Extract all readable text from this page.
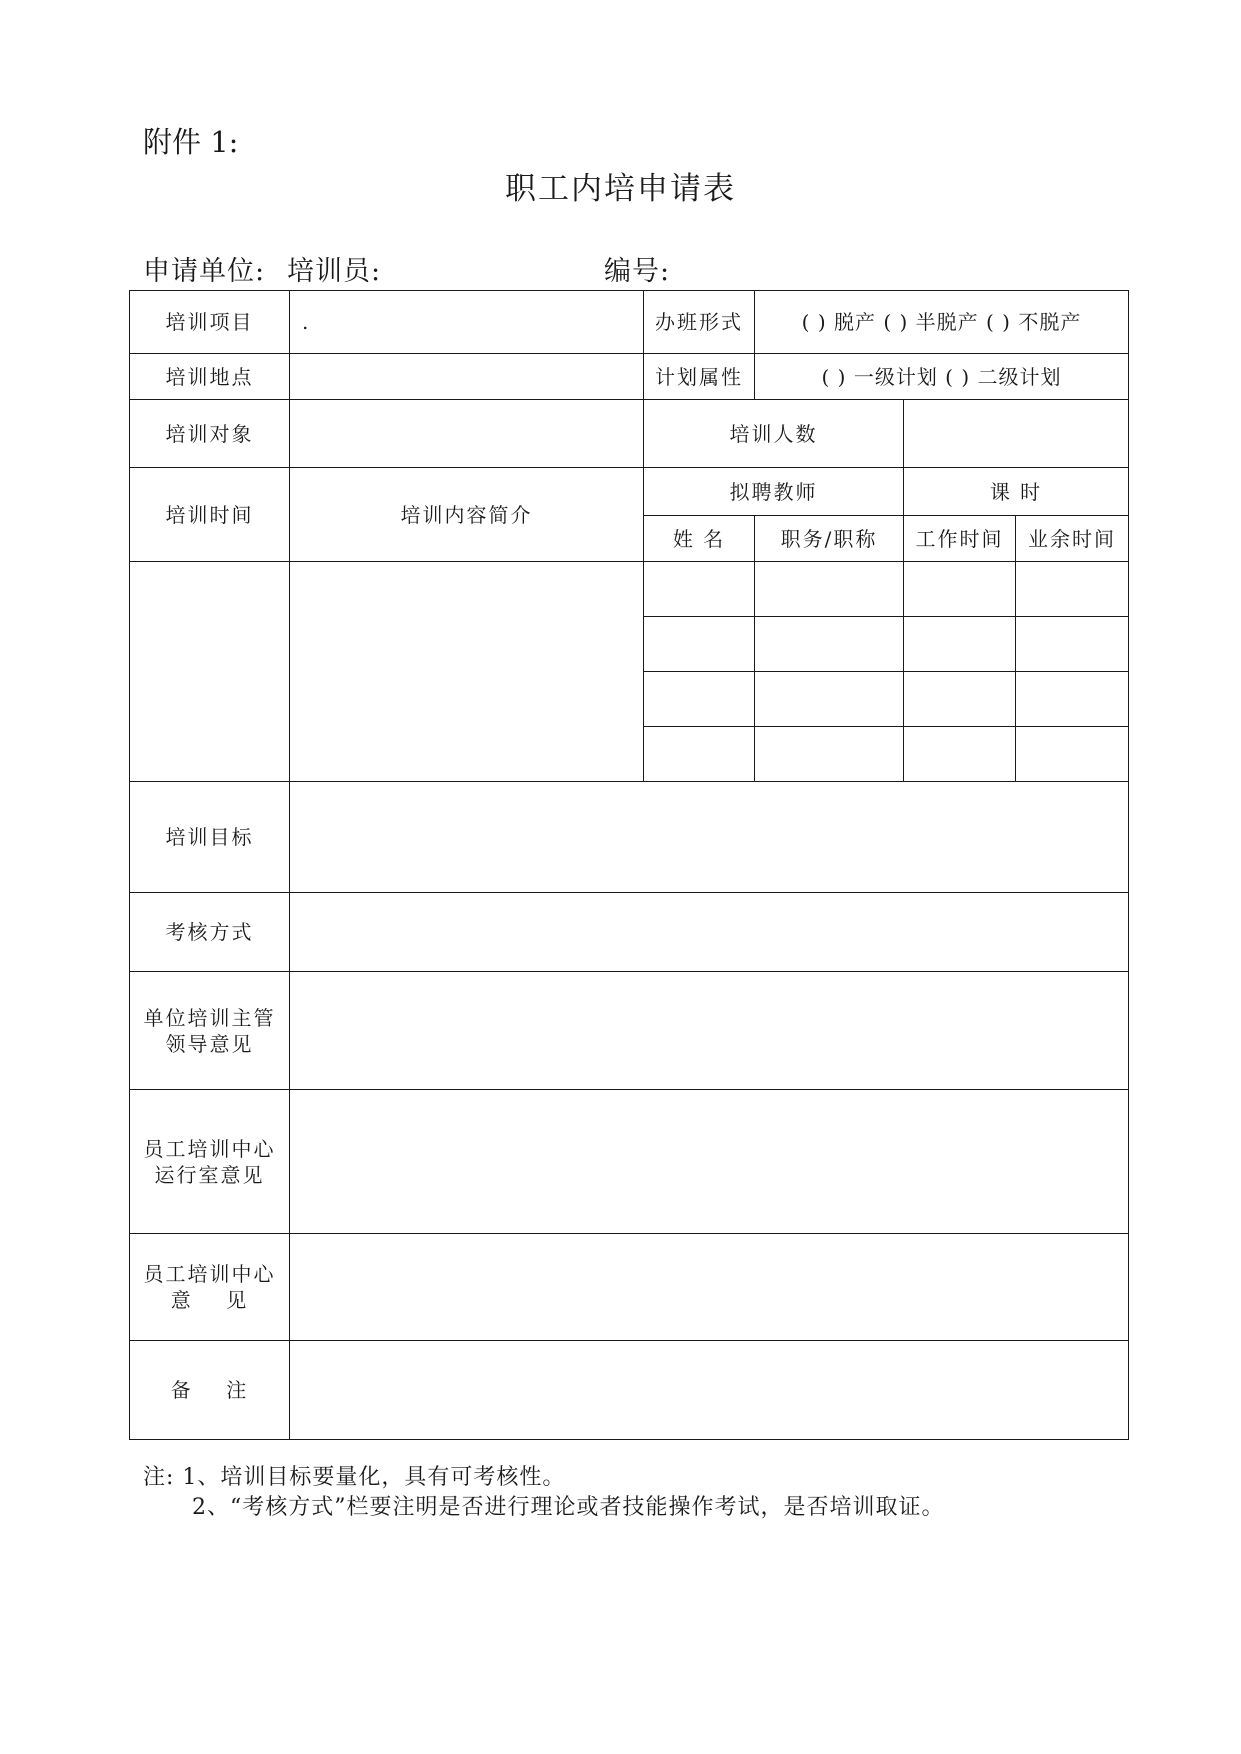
附件 1:
职工内培申请表
申请单位: 培训员:	编号:
培训项目	.	办班形式	( ) 脱产 ( ) 半脱产 ( ) 不脱产		
培训地点		计划属性	( ) 一级计划 ( ) 二级计划		
培训对象		培训人数			
培训时间	培训内容简介	拟聘教师		课 时	
		姓 名	职务/职称	工作时间	业余时间

培训目标					
考核方式					

单位培训主管
领导意见					

员工培训中心
运行室意见					

员工培训中心
意    见					

备    注					
注: 1、培训目标要量化，具有可考核性。
2、“考核方式”栏要注明是否进行理论或者技能操作考试，是否培训取证。
